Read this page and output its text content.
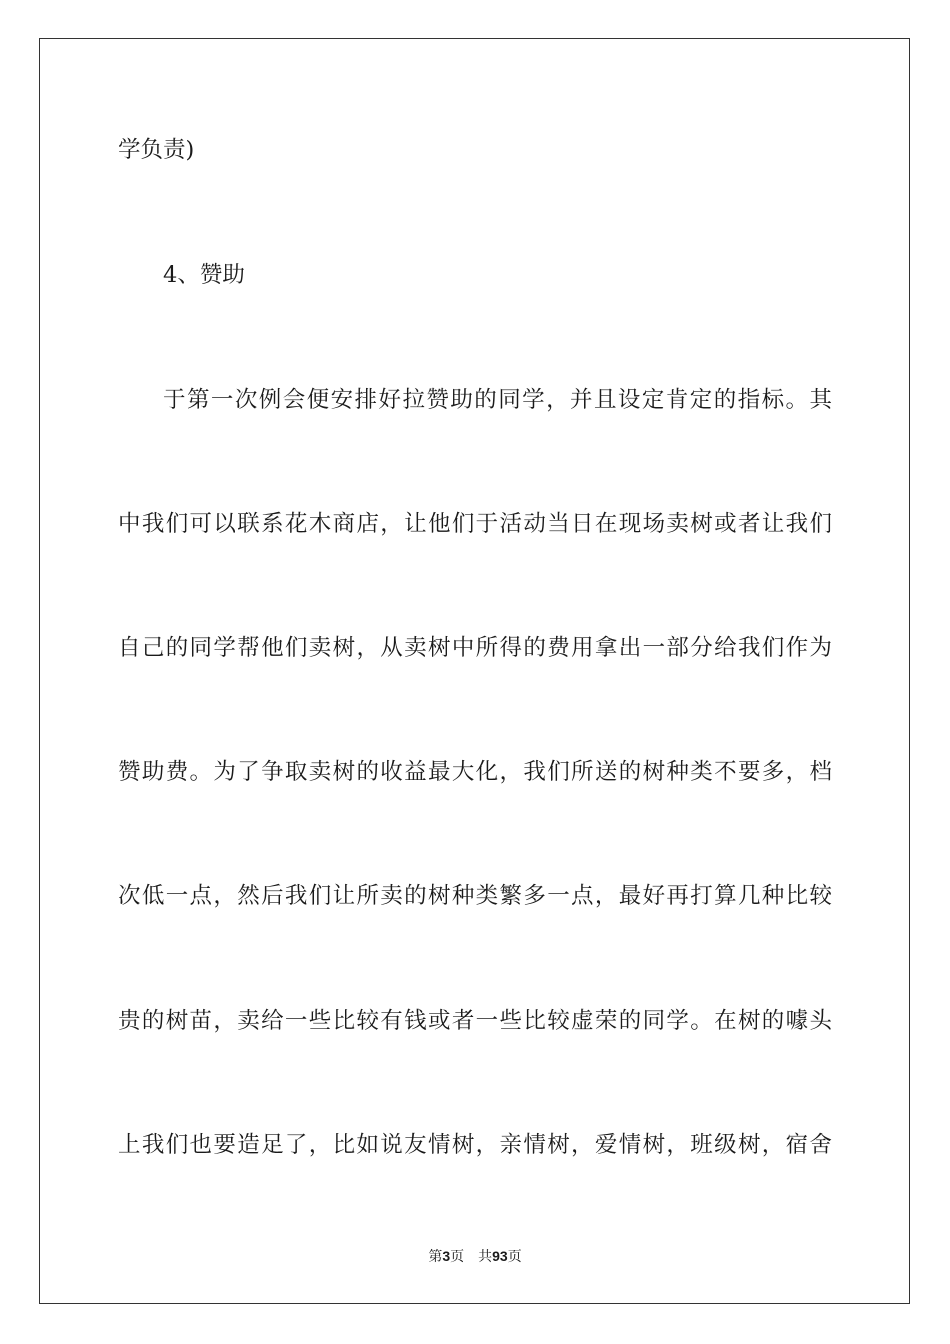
学负责)
4、赞助
于第一次例会便安排好拉赞助的同学，并且设定肯定的指标。其
中我们可以联系花木商店，让他们于活动当日在现场卖树或者让我们
自己的同学帮他们卖树，从卖树中所得的费用拿出一部分给我们作为
赞助费。为了争取卖树的收益最大化，我们所送的树种类不要多，档
次低一点，然后我们让所卖的树种类繁多一点，最好再打算几种比较
贵的树苗，卖给一些比较有钱或者一些比较虚荣的同学。在树的噱头
上我们也要造足了，比如说友情树，亲情树，爱情树，班级树，宿舍
第3页 共93页
